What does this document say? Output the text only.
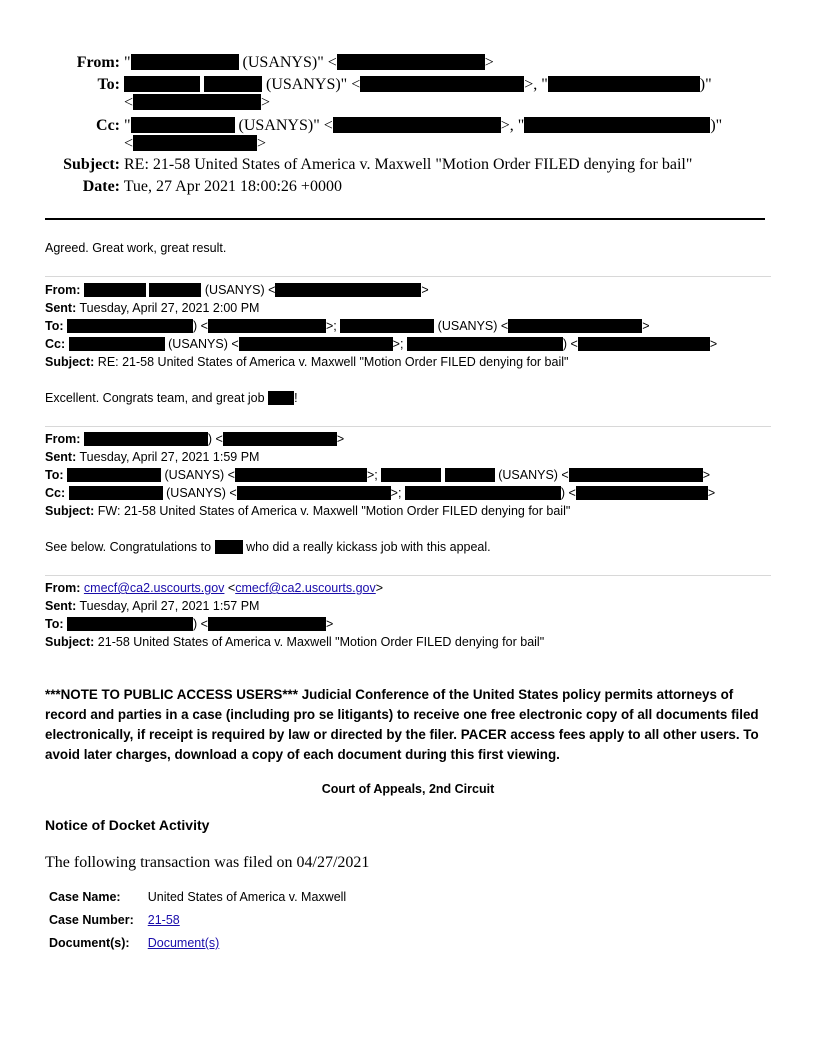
From: "	(USANYS)" <	>
To:	(USANYS)" <	>, "	)"
<	>
Cc: "	(USANYS)" <	>, "	)"
<	>
Subject: RE: 21-58 United States of America v. Maxwell "Motion Order FILED denying for bail"
Date: Tue, 27 Apr 2021 18:00:26 +0000
Agreed. Great work, great result.
From:	(USANYS) <	>
Sent: Tuesday, April 27, 2021 2:00 PM
To:	) <	>;	(USANYS) <	>
Cc:	(USANYS) <	>;	) <	>
Subject: RE: 21-58 United States of America v. Maxwell "Motion Order FILED denying for bail"
Excellent. Congrats team, and great job !
From:	) <	>
Sent: Tuesday, April 27, 2021 1:59 PM
To:	(USANYS) <	>;	(USANYS) <	>
Cc:	(USANYS) <	>;	) <	>
Subject: FW: 21-58 United States of America v. Maxwell "Motion Order FILED denying for bail"
See below. Congratulations to	who did a really kickass job with this appeal.
From: cmecf@ca2.uscourts.gov <cmecf@ca2.uscourts.gov>
Sent: Tuesday, April 27, 2021 1:57 PM
To:	) <	>
Subject: 21-58 United States of America v. Maxwell "Motion Order FILED denying for bail"
***NOTE TO PUBLIC ACCESS USERS*** Judicial Conference of the United States policy permits attorneys of record and parties in a case (including pro se litigants) to receive one free electronic copy of all documents filed electronically, if receipt is required by law or directed by the filer. PACER access fees apply to all other users. To avoid later charges, download a copy of each document during this first viewing.
Court of Appeals, 2nd Circuit
Notice of Docket Activity
The following transaction was filed on 04/27/2021
Case Name:	United States of America v. Maxwell
Case Number:	21-58
Document(s):	Document(s)
